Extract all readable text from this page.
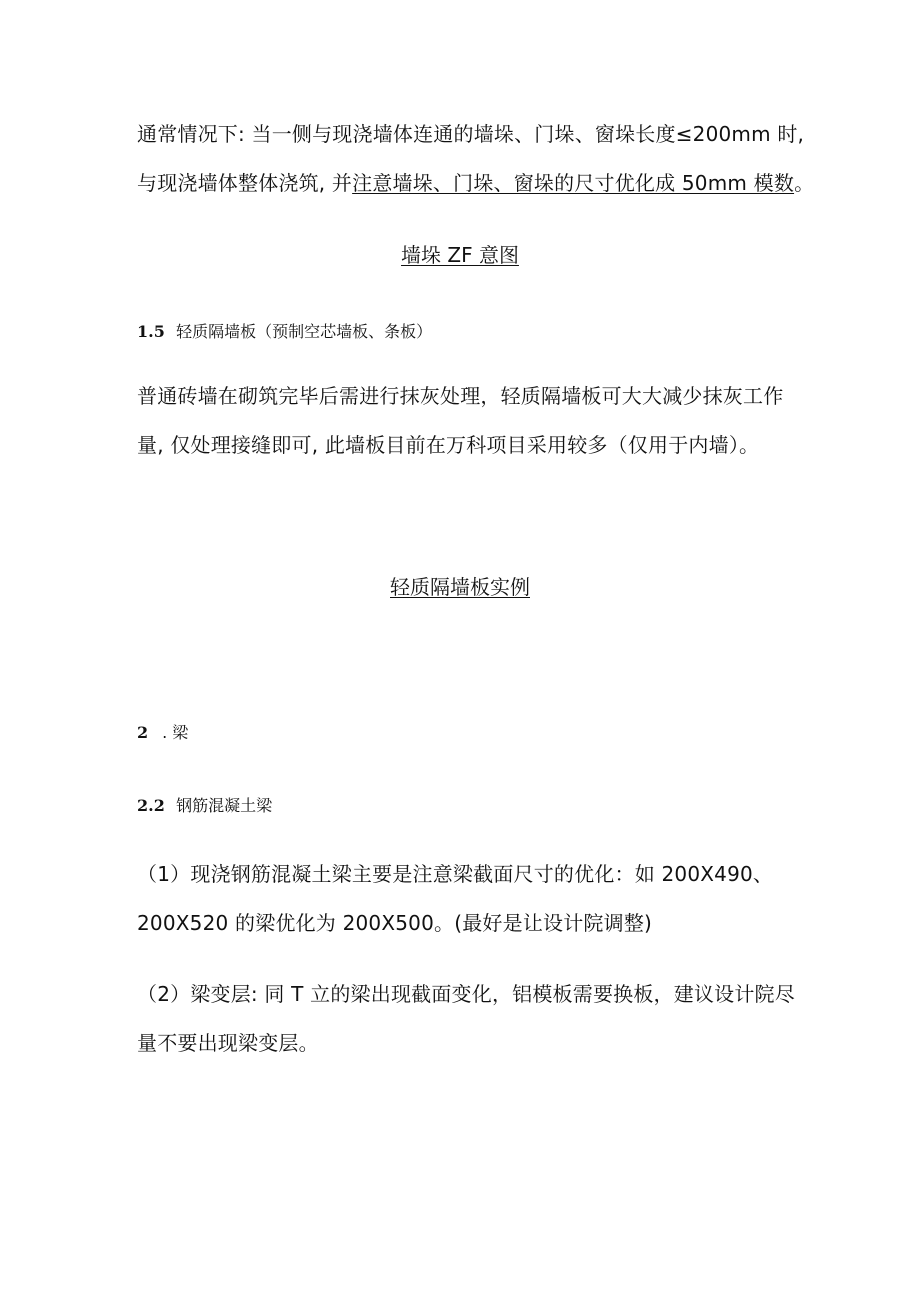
通常情况下: 当一侧与现浇墙体连通的墙垛、门垛、窗垛长度≤200mm 时,
与现浇墙体整体浇筑, 并注意墙垛、门垛、窗垛的尺寸优化成 50mm 模数。
墙垛 ZF 意图
1.5 轻质隔墙板（预制空芯墙板、条板）
普通砖墙在砌筑完毕后需进行抹灰处理，轻质隔墙板可大大减少抹灰工作
量, 仅处理接缝即可, 此墙板目前在万科项目采用较多（仅用于内墙）。
轻质隔墙板实例
2 . 梁
2.2 钢筋混凝土梁
（1）现浇钢筋混凝土梁主要是注意梁截面尺寸的优化：如 200X490、
200X520 的梁优化为 200X500。(最好是让设计院调整)
（2）梁变层: 同 T 立的梁出现截面变化，铝模板需要换板，建议设计院尽
量不要出现梁变层。
